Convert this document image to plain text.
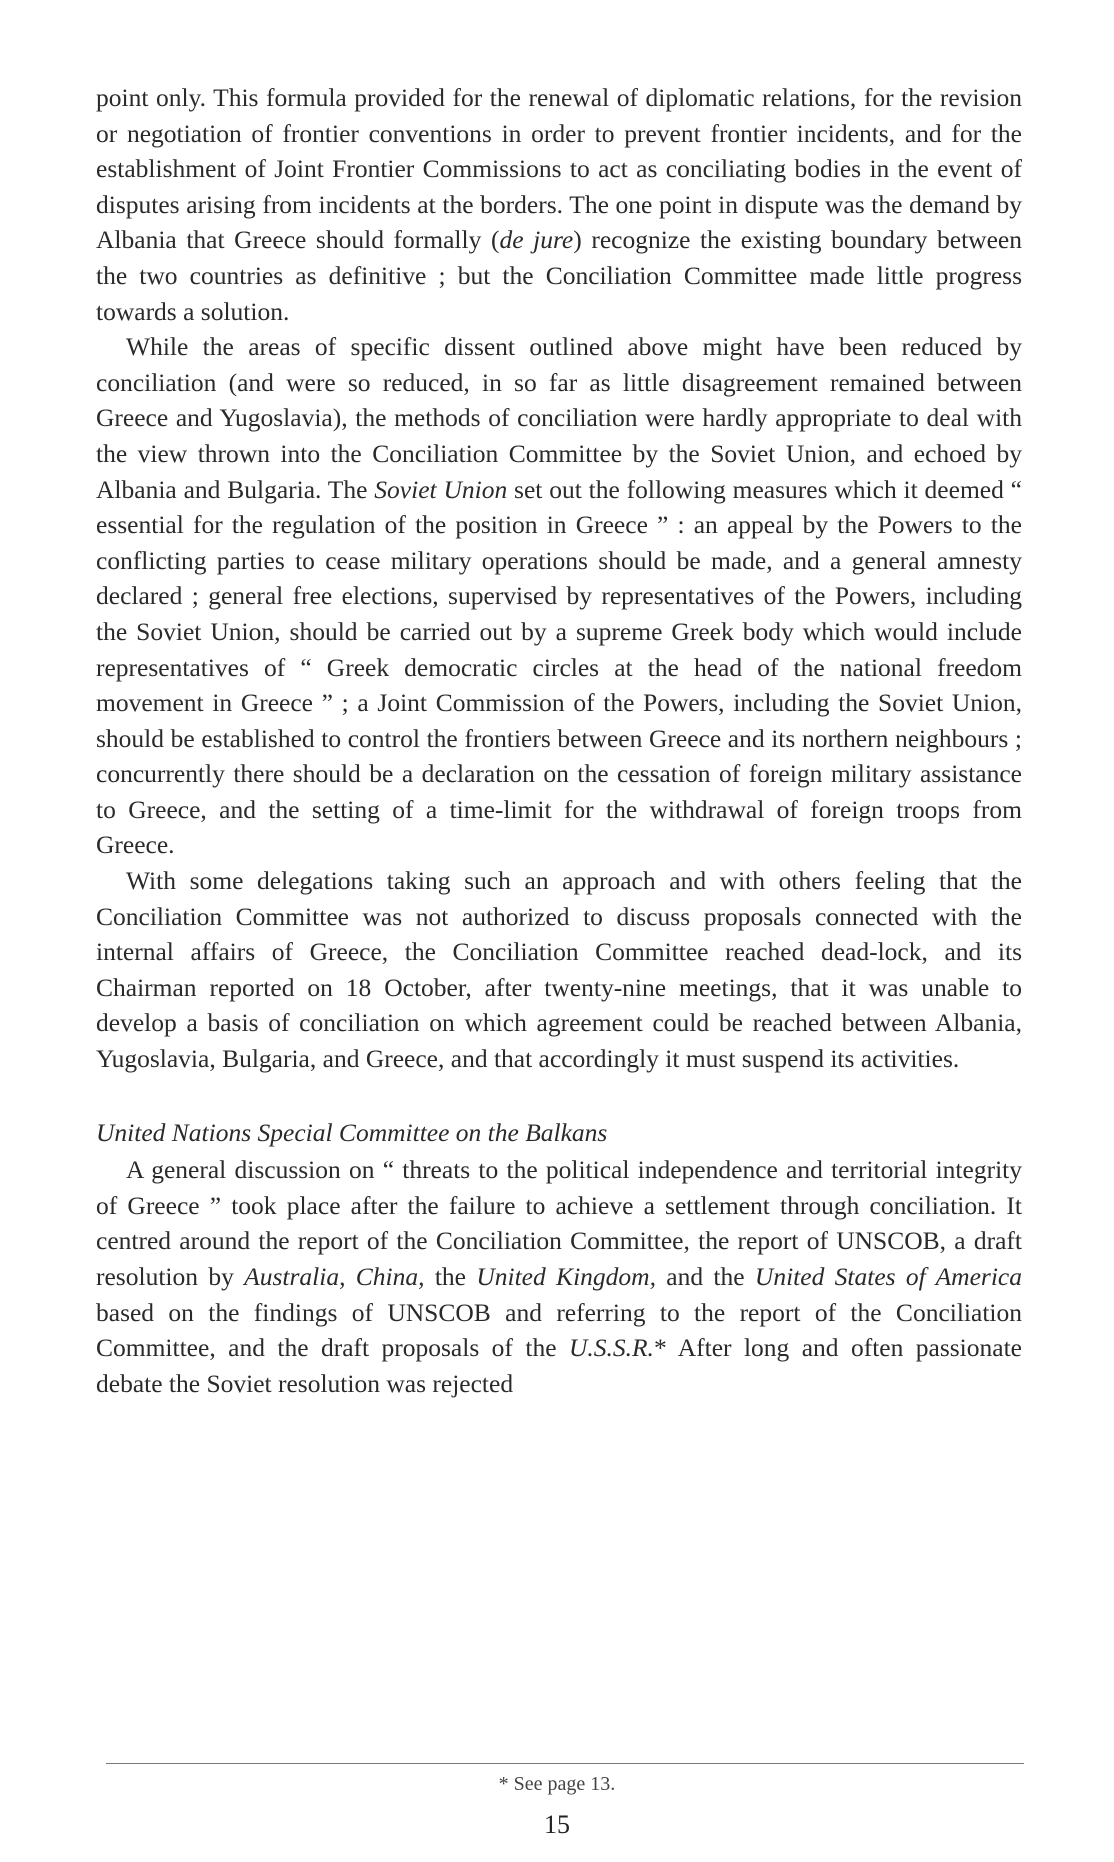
point only. This formula provided for the renewal of diplomatic relations, for the revision or negotiation of frontier conventions in order to prevent frontier incidents, and for the establishment of Joint Frontier Commissions to act as conciliating bodies in the event of disputes arising from incidents at the borders. The one point in dispute was the demand by Albania that Greece should formally (de jure) recognize the existing boundary between the two countries as definitive ; but the Conciliation Committee made little progress towards a solution.

While the areas of specific dissent outlined above might have been reduced by conciliation (and were so reduced, in so far as little disagreement remained between Greece and Yugoslavia), the methods of conciliation were hardly appropriate to deal with the view thrown into the Conciliation Committee by the Soviet Union, and echoed by Albania and Bulgaria. The Soviet Union set out the following measures which it deemed “ essential for the regulation of the position in Greece ” : an appeal by the Powers to the conflicting parties to cease military operations should be made, and a general amnesty declared ; general free elections, supervised by representatives of the Powers, including the Soviet Union, should be carried out by a supreme Greek body which would include representatives of “ Greek democratic circles at the head of the national freedom movement in Greece ” ; a Joint Commission of the Powers, including the Soviet Union, should be established to control the frontiers between Greece and its northern neighbours ; concurrently there should be a declaration on the cessation of foreign military assistance to Greece, and the setting of a time-limit for the withdrawal of foreign troops from Greece.

With some delegations taking such an approach and with others feeling that the Conciliation Committee was not authorized to discuss proposals connected with the internal affairs of Greece, the Conciliation Committee reached dead-lock, and its Chairman reported on 18 October, after twenty-nine meetings, that it was unable to develop a basis of conciliation on which agreement could be reached between Albania, Yugoslavia, Bulgaria, and Greece, and that accordingly it must suspend its activities.

United Nations Special Committee on the Balkans

A general discussion on “ threats to the political independence and territorial integrity of Greece ” took place after the failure to achieve a settlement through conciliation. It centred around the report of the Conciliation Committee, the report of UNSCOB, a draft resolution by Australia, China, the United Kingdom, and the United States of America based on the findings of UNSCOB and referring to the report of the Conciliation Committee, and the draft proposals of the U.S.S.R.* After long and often passionate debate the Soviet resolution was rejected

* See page 13.
15
